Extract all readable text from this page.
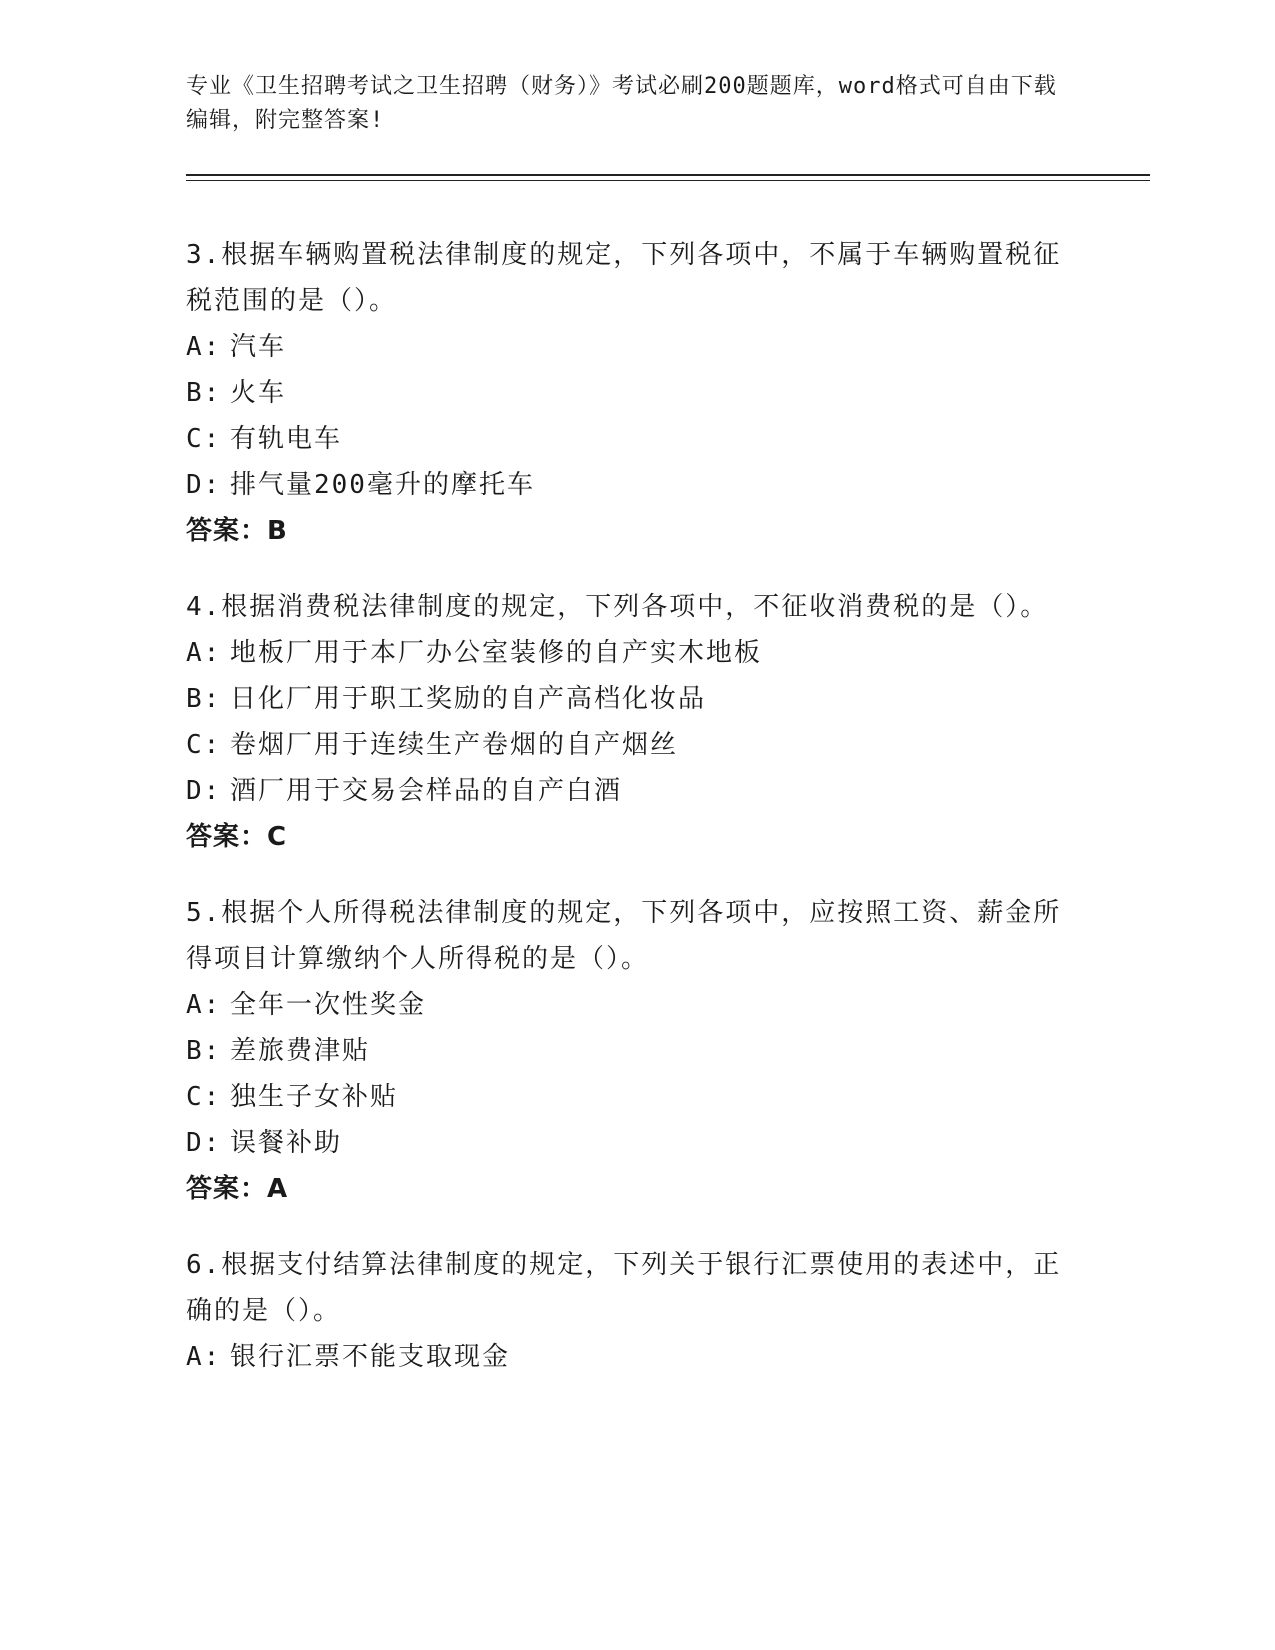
专业《卫生招聘考试之卫生招聘（财务）》考试必刷200题题库，word格式可自由下载编辑，附完整答案!
3.根据车辆购置税法律制度的规定，下列各项中，不属于车辆购置税征税范围的是（）。
A: 汽车
B: 火车
C: 有轨电车
D: 排气量200毫升的摩托车
答案：B
4.根据消费税法律制度的规定，下列各项中，不征收消费税的是（）。
A: 地板厂用于本厂办公室装修的自产实木地板
B: 日化厂用于职工奖励的自产高档化妆品
C: 卷烟厂用于连续生产卷烟的自产烟丝
D: 酒厂用于交易会样品的自产白酒
答案：C
5.根据个人所得税法律制度的规定，下列各项中，应按照工资、薪金所得项目计算缴纳个人所得税的是（）。
A: 全年一次性奖金
B: 差旅费津贴
C: 独生子女补贴
D: 误餐补助
答案：A
6.根据支付结算法律制度的规定，下列关于银行汇票使用的表述中，正确的是（）。
A: 银行汇票不能支取现金
